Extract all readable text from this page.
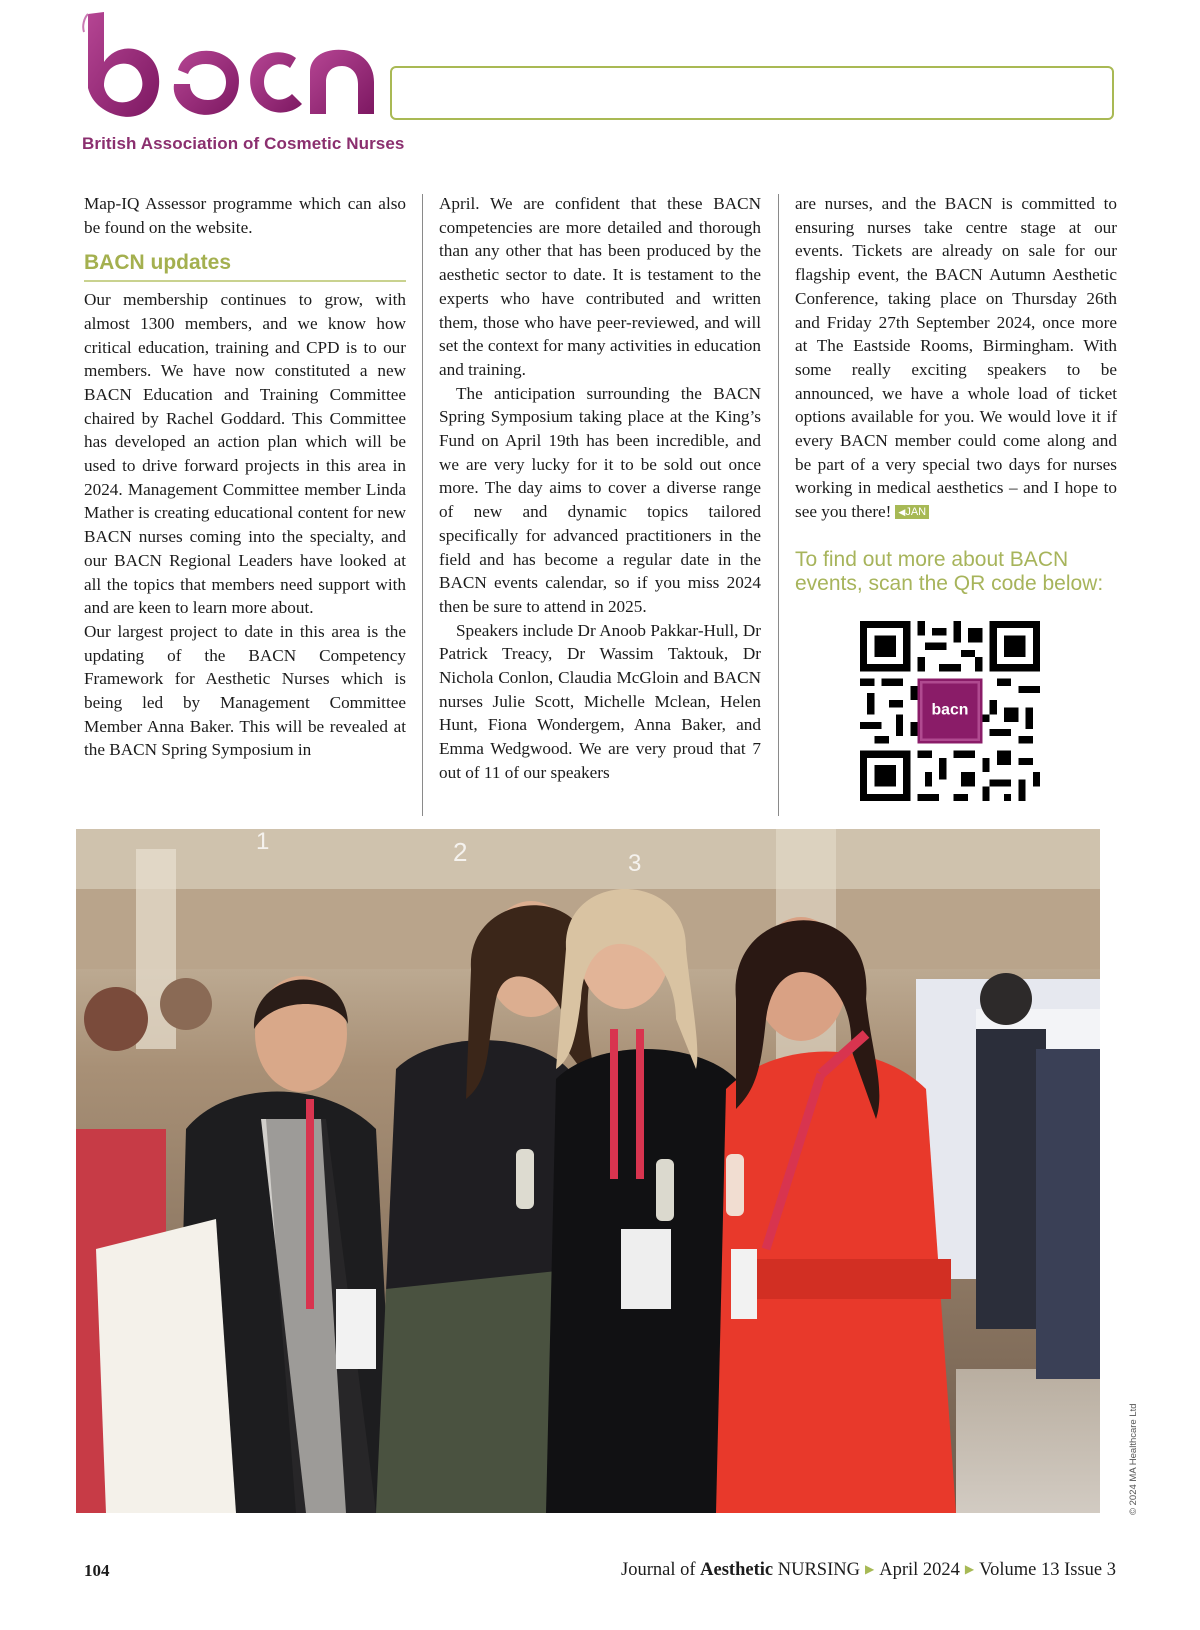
British Association of Cosmetic Nurses

Map-IQ Assessor programme which can also be found on the website.

BACN updates

Our membership continues to grow, with almost 1300 members, and we know how critical education, training and CPD is to our members. We have now constituted a new BACN Education and Training Committee chaired by Rachel Goddard. This Committee has developed an action plan which will be used to drive forward projects in this area in 2024. Management Committee member Linda Mather is creating educational content for new BACN nurses coming into the specialty, and our BACN Regional Leaders have looked at all the topics that members need support with and are keen to learn more about.

Our largest project to date in this area is the updating of the BACN Competency Framework for Aesthetic Nurses which is being led by Management Committee Member Anna Baker. This will be revealed at the BACN Spring Symposium in

April. We are confident that these BACN competencies are more detailed and thorough than any other that has been produced by the aesthetic sector to date. It is testament to the experts who have contributed and written them, those who have peer-reviewed, and will set the context for many activities in education and training.

The anticipation surrounding the BACN Spring Symposium taking place at the King’s Fund on April 19th has been incredible, and we are very lucky for it to be sold out once more. The day aims to cover a diverse range of new and dynamic topics tailored specifically for advanced practitioners in the field and has become a regular date in the BACN events calendar, so if you miss 2024 then be sure to attend in 2025.

Speakers include Dr Anoob Pakkar-Hull, Dr Patrick Treacy, Dr Wassim Taktouk, Dr Nichola Conlon, Claudia McGloin and BACN nurses Julie Scott, Michelle Mclean, Helen Hunt, Fiona Wondergem, Anna Baker, and Emma Wedgwood. We are very proud that 7 out of 11 of our speakers

are nurses, and the BACN is committed to ensuring nurses take centre stage at our events. Tickets are already on sale for our flagship event, the BACN Autumn Aesthetic Conference, taking place on Thursday 26th and Friday 27th September 2024, once more at The Eastside Rooms, Birmingham. With some really exciting speakers to be announced, we have a whole load of ticket options available for you. We would love it if every BACN member could come along and be part of a very special two days for nurses working in medical aesthetics – and I hope to see you there! ◀JAN

To find out more about BACN events, scan the QR code below:
bacn
1	2	3
© 2024 MA Healthcare Ltd
104	Journal of Aesthetic NURSING ▶ April 2024 ▶ Volume 13 Issue 3
